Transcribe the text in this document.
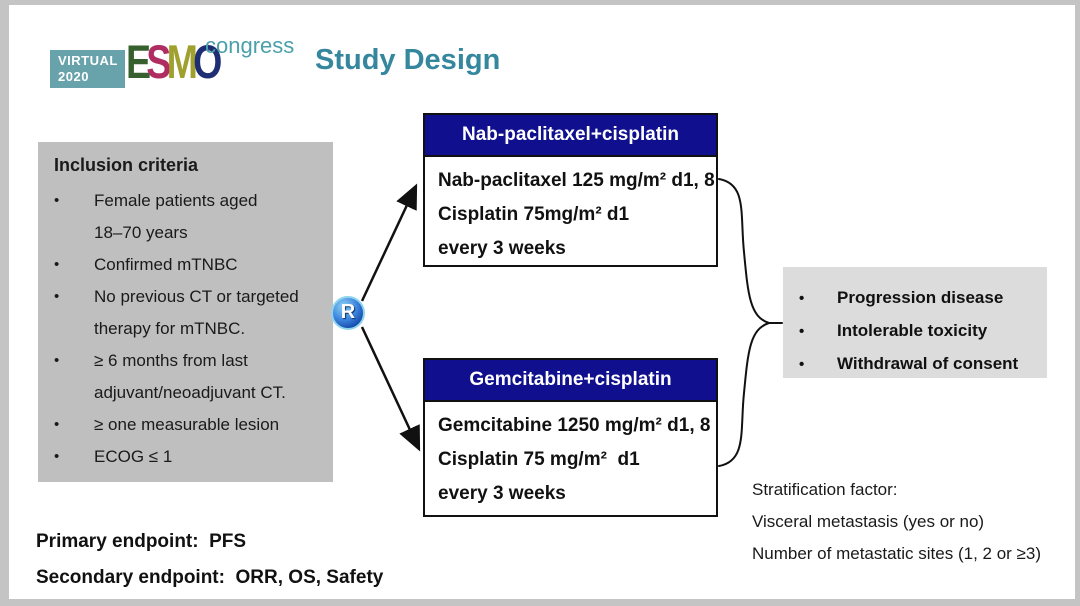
VIRTUAL
2020 ESMO
congress Study Design
Inclusion criteria
•
Female patients aged
18–70 years
•
Confirmed mTNBC
•
No previous CT or targeted
therapy for mTNBC.
•
≥ 6 months from last
adjuvant/neoadjuvant CT.
•
≥ one measurable lesion
•
ECOG ≤ 1
R
Nab-paclitaxel+cisplatin
Nab-paclitaxel 125 mg/m² d1, 8
Cisplatin 75mg/m² d1
every 3 weeks
Gemcitabine+cisplatin
Gemcitabine 1250 mg/m² d1, 8
Cisplatin 75 mg/m²  d1
every 3 weeks
•
Progression disease
•
Intolerable toxicity
•
Withdrawal of consent
Stratification factor:
Visceral metastasis (yes or no)
Number of metastatic sites (1, 2 or ≥3)
Primary endpoint:  PFS
Secondary endpoint:  ORR, OS, Safety
